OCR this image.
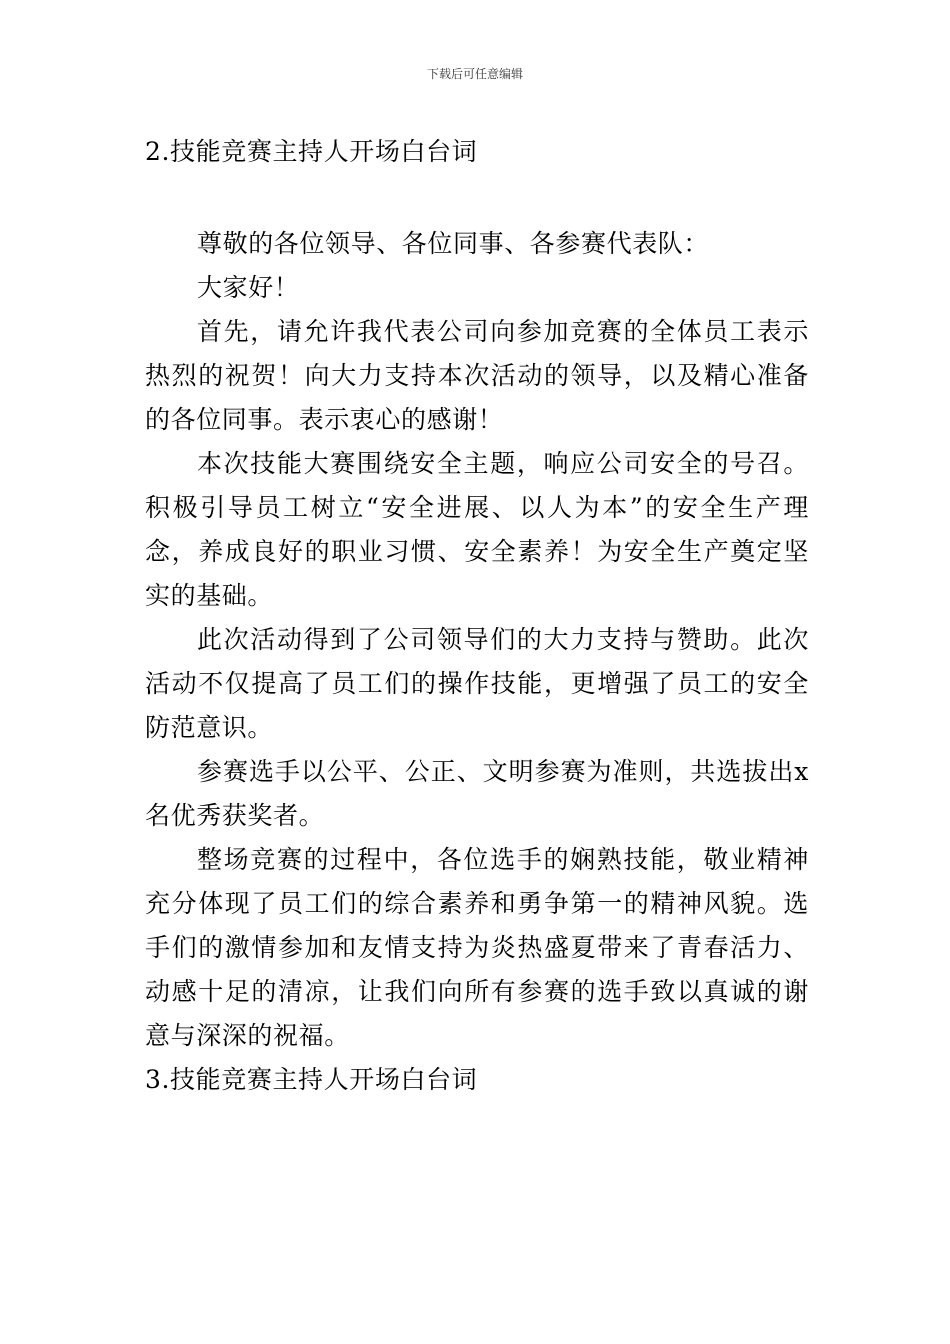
下载后可任意编辑
2.技能竞赛主持人开场白台词

尊敬的各位领导、各位同事、各参赛代表队：

大家好！

首先，请允许我代表公司向参加竞赛的全体员工表示热烈的祝贺！向大力支持本次活动的领导，以及精心准备的各位同事。表示衷心的感谢！

本次技能大赛围绕安全主题，响应公司安全的号召。积极引导员工树立“安全进展、以人为本”的安全生产理念，养成良好的职业习惯、安全素养！为安全生产奠定坚实的基础。

此次活动得到了公司领导们的大力支持与赞助。此次活动不仅提高了员工们的操作技能，更增强了员工的安全防范意识。

参赛选手以公平、公正、文明参赛为准则，共选拔出x名优秀获奖者。

整场竞赛的过程中，各位选手的娴熟技能，敬业精神充分体现了员工们的综合素养和勇争第一的精神风貌。选手们的激情参加和友情支持为炎热盛夏带来了青春活力、动感十足的清凉，让我们向所有参赛的选手致以真诚的谢意与深深的祝福。

3.技能竞赛主持人开场白台词
